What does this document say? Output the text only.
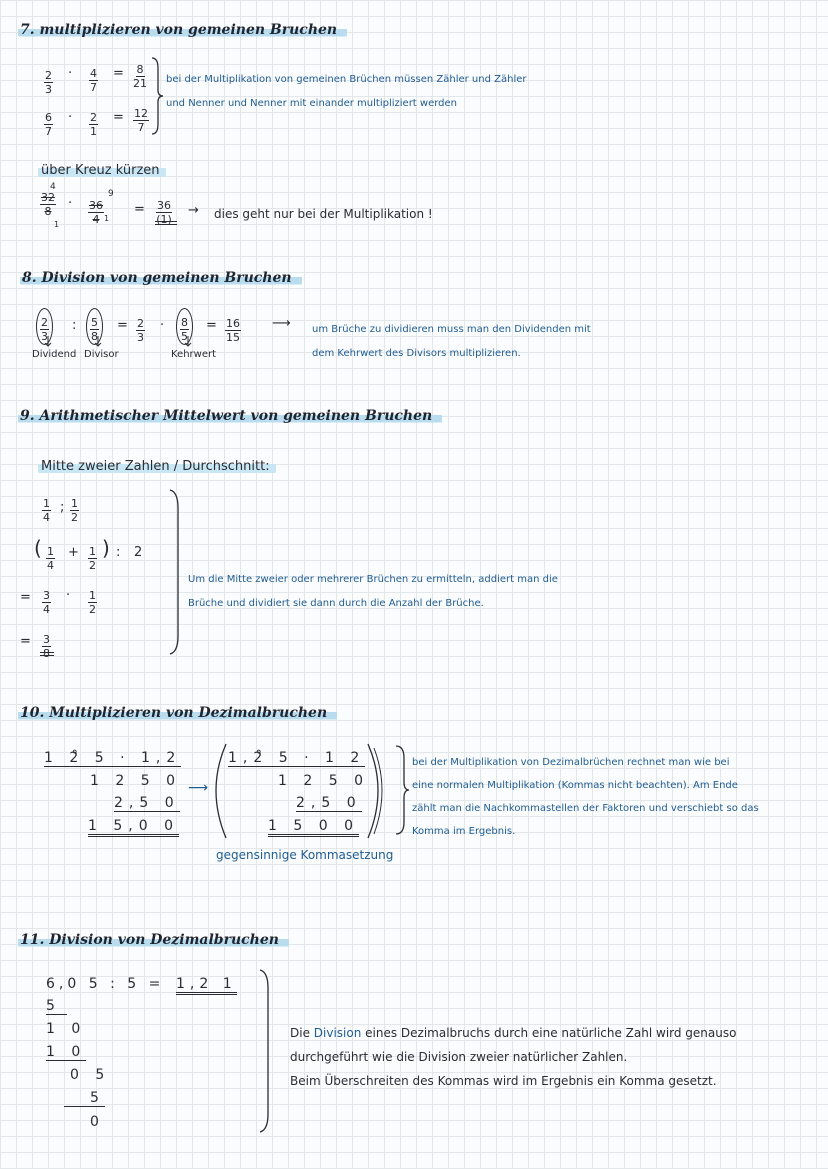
7. multiplizieren von gemeinen Bruchen
$\frac{2}{3} \cdot \frac{4}{7} = \frac{8}{21}$
$\frac{6}{7} \cdot \frac{2}{1} = \frac{12}{7}$
bei der Multiplikation von gemeinen Brüchen müssen Zähler und Zähler
und Nenner und Nenner mit einander multipliziert werden
über Kreuz kürzen
4
$\frac{32}{8}$
1
· $\frac{36}{4}$
9
1
= $\frac{36}{(1)}$ → dies geht nur bei der Multiplikation !
8. Division von gemeinen Bruchen
$\frac{2}{3}$ : $\frac{5}{8} = \frac{2}{3} \cdot \frac{8}{5} = \frac{16}{15}$
Dividend Divisor	Kehrwert
⟶ um Brüche zu dividieren muss man den Dividenden mit
dem Kehrwert des Divisors multiplizieren.
9. Arithmetischer Mittelwert von gemeinen Bruchen
Mitte zweier Zahlen / Durchschnitt:
$\frac{1}{4}$ ; $\frac{1}{2}$
( $\frac{1}{4} + \frac{1}{2}$ ) : 2
= $\frac{3}{4} \cdot \frac{1}{2}$
= $\frac{3}{8}$
Um die Mitte zweier oder mehrerer Brüchen zu ermitteln, addiert man die
Brüche und dividiert sie dann durch die Anzahl der Brüche.
10. Multiplizieren von Dezimalbruchen
1 2̊ 5 · 1,2
1 2 5 0
2,5 0
1 5,0 0
⟶
1,2̊ 5 · 1 2
1 2 5 0
2,5 0
1 5 0 0
gegensinnige Kommasetzung
bei der Multiplikation von Dezimalbrüchen rechnet man wie bei
eine normalen Multiplikation (Kommas nicht beachten). Am Ende
zählt man die Nachkommastellen der Faktoren und verschiebt so das
Komma im Ergebnis.
11. Division von Dezimalbruchen
6,0 5 : 5 = 1,2 1
5
1 0
1 0
0 5
5
0
Die Division eines Dezimalbruchs durch eine natürliche Zahl wird genauso
durchgeführt wie die Division zweier natürlicher Zahlen.
Beim Überschreiten des Kommas wird im Ergebnis ein Komma gesetzt.
